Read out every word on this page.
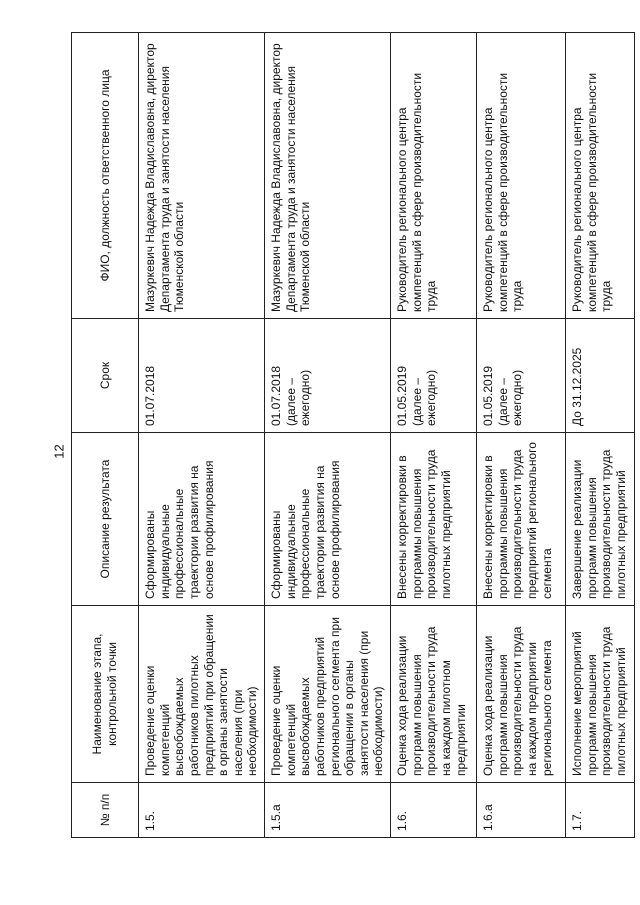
12
№ п/п	Наименование этапа, контрольной точки	Описание результата	Срок	ФИО, должность ответственного лица
1.5.	Проведение оценки компетенций высвобождаемых работников пилотных предприятий при обращении в органы занятости населения (при необходимости)	Сформированы индивидуальные профессиональные траектории развития на основе профилирования	01.07.2018	Мазуркевич Надежда Владиславовна, директор Департамента труда и занятости населения Тюменской области
1.5.а	Проведение оценки компетенций высвобождаемых работников предприятий регионального сегмента при обращении в органы занятости населения (при необходимости)	Сформированы индивидуальные профессиональные траектории развития на основе профилирования	01.07.2018 (далее – ежегодно)	Мазуркевич Надежда Владиславовна, директор Департамента труда и занятости населения Тюменской области
1.6.	Оценка хода реализации программ повышения производительности труда на каждом пилотном предприятии	Внесены корректировки в программы повышения производительности труда пилотных предприятий	01.05.2019 (далее – ежегодно)	Руководитель регионального центра компетенций в сфере производительности труда
1.6.а	Оценка хода реализации программ повышения производительности труда на каждом предприятии регионального сегмента	Внесены корректировки в программы повышения производительности труда предприятий регионального сегмента	01.05.2019 (далее – ежегодно)	Руководитель регионального центра компетенций в сфере производительности труда
1.7.	Исполнение мероприятий программ повышения производительности труда пилотных предприятий	Завершение реализации программ повышения производительности труда пилотных предприятий	До 31.12.2025	Руководитель регионального центра компетенций в сфере производительности труда
